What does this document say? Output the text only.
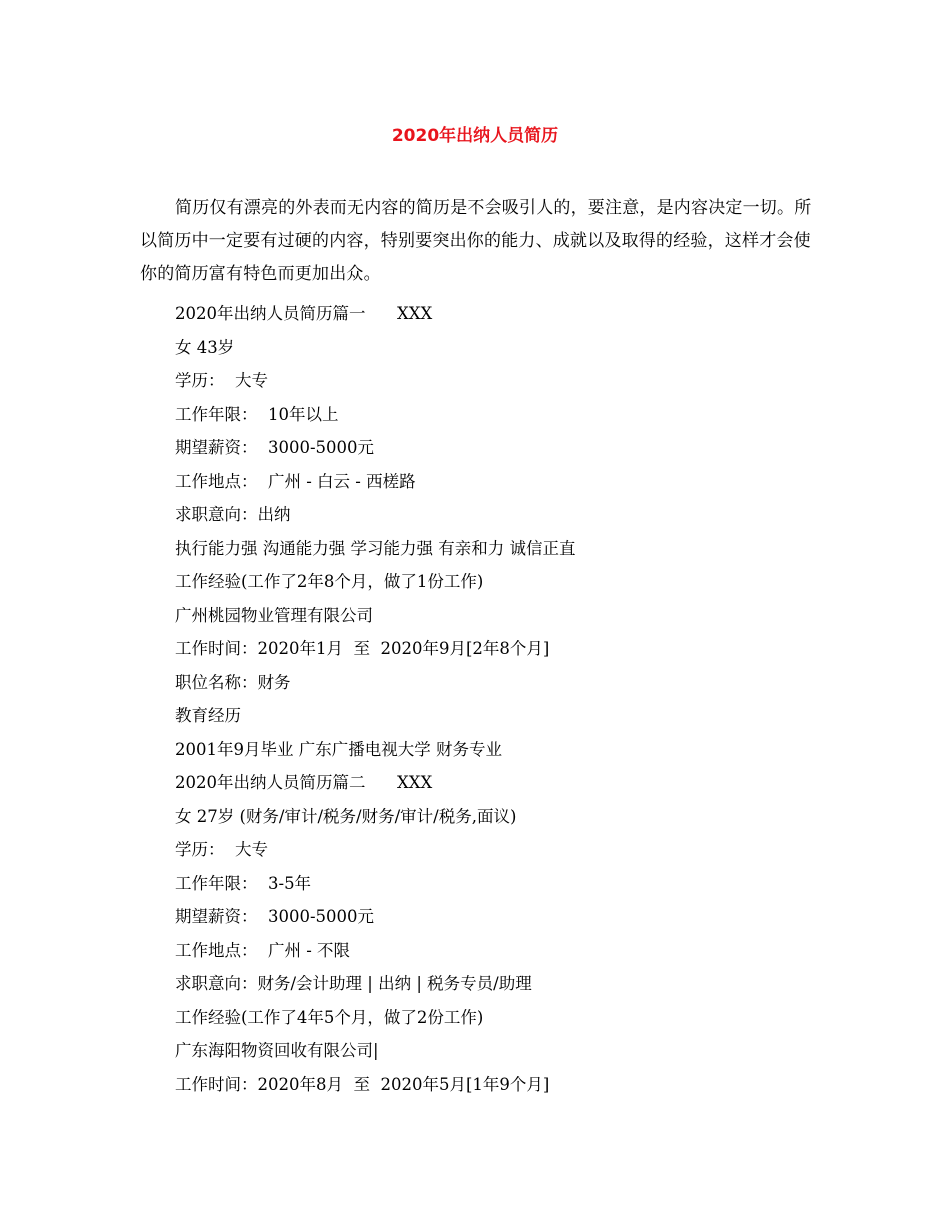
2020年出纳人员简历

简历仅有漂亮的外表而无内容的简历是不会吸引人的，要注意，是内容决定一切。所以简历中一定要有过硬的内容，特别要突出你的能力、成就以及取得的经验，这样才会使你的简历富有特色而更加出众。

2020年出纳人员简历篇一      XXX
女 43岁
学历：  大专
工作年限：  10年以上
期望薪资：  3000-5000元
工作地点：  广州 - 白云 - 西槎路
求职意向：出纳
执行能力强 沟通能力强 学习能力强 有亲和力 诚信正直
工作经验(工作了2年8个月，做了1份工作)
广州桃园物业管理有限公司
工作时间：2020年1月  至  2020年9月[2年8个月]
职位名称：财务
教育经历
2001年9月毕业 广东广播电视大学 财务专业
2020年出纳人员简历篇二      XXX
女 27岁 (财务/审计/税务/财务/审计/税务,面议)
学历：  大专
工作年限：  3-5年
期望薪资：  3000-5000元
工作地点：  广州 - 不限
求职意向：财务/会计助理 | 出纳 | 税务专员/助理
工作经验(工作了4年5个月，做了2份工作)
广东海阳物资回收有限公司|
工作时间：2020年8月  至  2020年5月[1年9个月]
